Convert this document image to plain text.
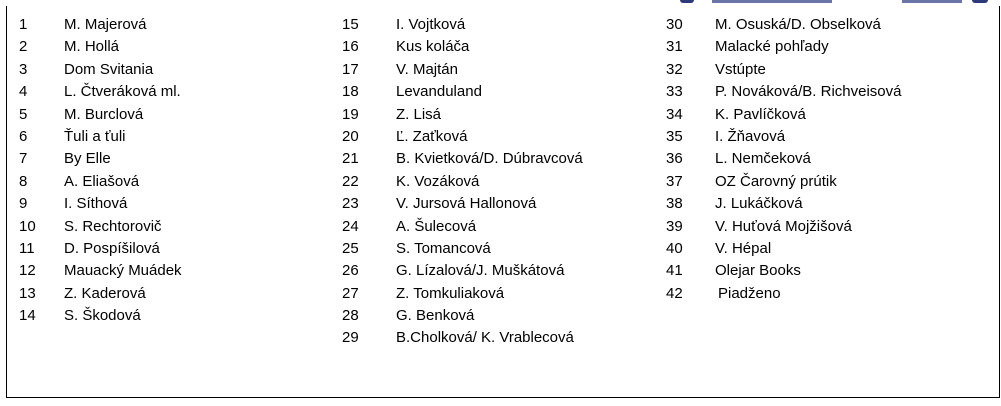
1 M. Majerová
2 M. Hollá
3 Dom Svitania
4 L. Čtveráková ml.
5 M. Burclová
6 Ťuli a ťuli
7 By Elle
8 A. Eliašová
9 I. Síthová
10 S. Rechtorovič
11 D. Pospíšilová
12 Mauacký Muádek
13 Z. Kaderová
14 S. Škodová
15 I. Vojtková
16 Kus koláča
17 V. Majtán
18 Levanduland
19 Z. Lisá
20 Ľ. Zaťková
21 B. Kvietková/D. Dúbravcová
22 K. Vozáková
23 V. Jursová Hallonová
24 A. Šulecová
25 S. Tomancová
26 G. Lízalová/J. Muškátová
27 Z. Tomkuliaková
28 G. Benková
29 B.Cholková/ K. Vrablecová
30 M. Osuská/D. Obselková
31 Malacké pohľady
32 Vstúpte
33 P. Nováková/B. Richveisová
34 K. Pavlíčková
35 I. Žňavová
36 L. Nemčeková
37 OZ Čarovný prútik
38 J. Lukáčková
39 V. Huťová Mojžišová
40 V. Hépal
41 Olejar Books
42 Piadženo
